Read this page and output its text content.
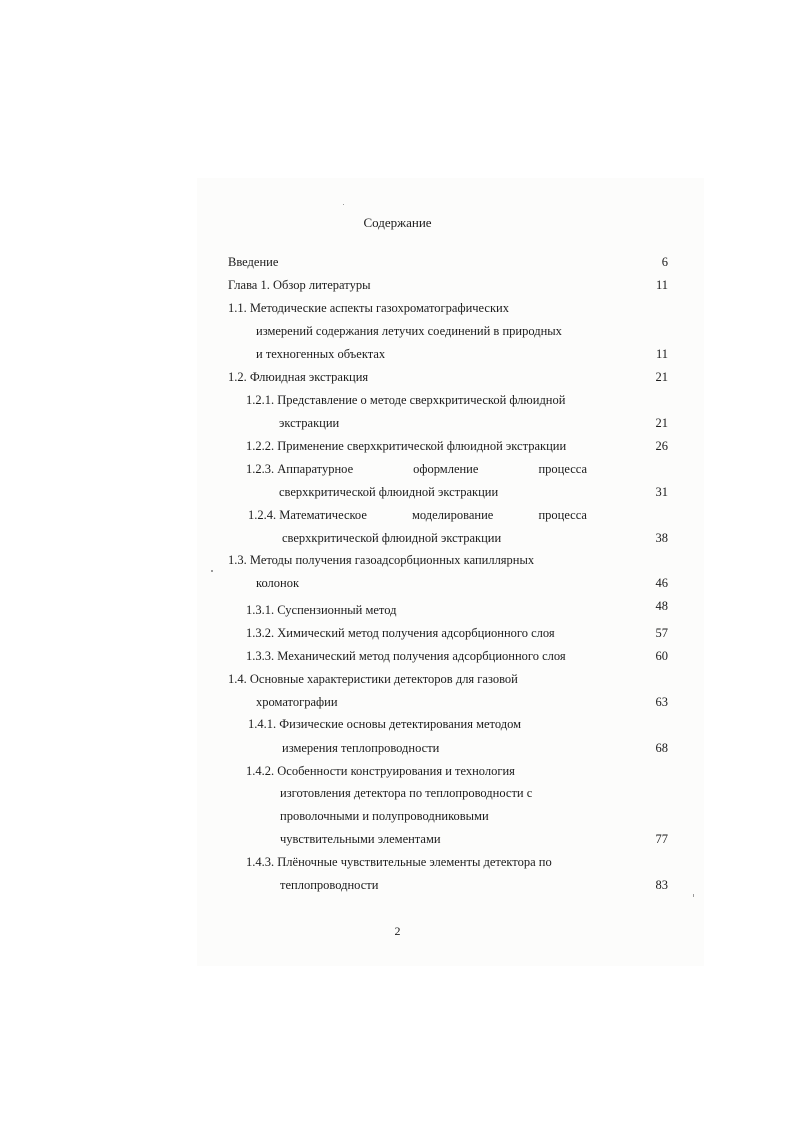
Содержание
Введение	6
Глава 1. Обзор литературы	11
1.1. Методические аспекты газохроматографических
измерений содержания летучих соединений в природных
и техногенных объектах	11
1.2. Флюидная экстракция	21
1.2.1. Представление о методе сверхкритической флюидной
экстракции	21
1.2.2. Применение сверхкритической флюидной экстракции	26
1.2.3. Аппаратурное	оформление	процесса
сверхкритической флюидной экстракции	31
1.2.4. Математическое	моделирование	процесса
сверхкритической флюидной экстракции	38
1.3. Методы получения газоадсорбционных капиллярных
колонок	46
1.3.1. Суспензионный метод	48
1.3.2. Химический метод получения адсорбционного слоя	57
1.3.3. Механический метод получения адсорбционного слоя	60
1.4. Основные характеристики детекторов для газовой
хроматографии	63
1.4.1. Физические основы детектирования методом
измерения теплопроводности	68
1.4.2. Особенности конструирования и технология
изготовления детектора по теплопроводности с
проволочными и полупроводниковыми
чувствительными элементами	77
1.4.3. Плёночные чувствительные элементы детектора по
теплопроводности	83
2
